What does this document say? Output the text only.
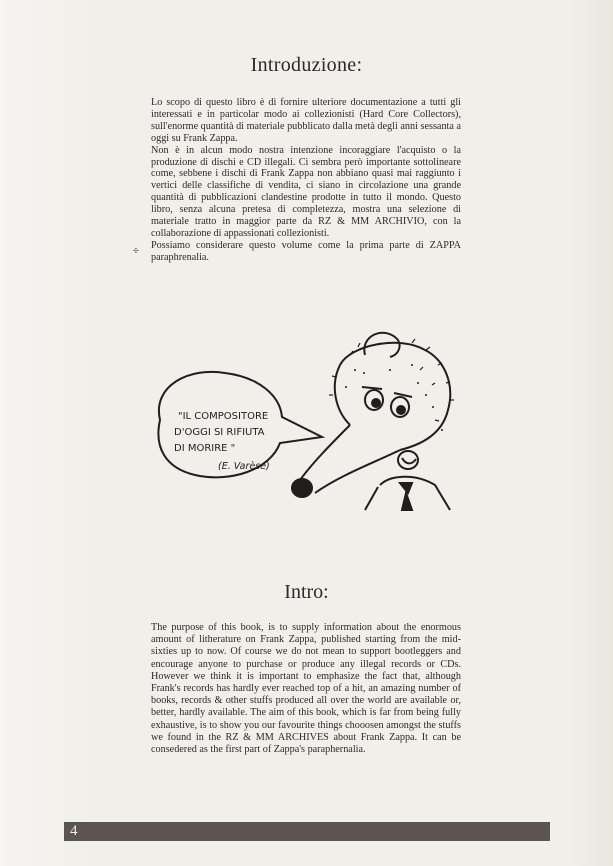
Introduzione:

Lo scopo di questo libro è di fornire ulteriore documentazione a tutti gli interessati e in particolar modo ai collezionisti (Hard Core Collectors), sull'enorme quantità di materiale pubblicato dalla metà degli anni sessanta a oggi su Frank Zappa.

Non è in alcun modo nostra intenzione incoraggiare l'acquisto o la produzione di dischi e CD illegali. Ci sembra però importante sottolineare come, sebbene i dischi di Frank Zappa non abbiano quasi mai raggiunto i vertici delle classifiche di vendita, ci siano in circolazione una grande quantità di pubblicazioni clandestine prodotte in tutto il mondo. Questo libro, senza alcuna pretesa di completezza, mostra una selezione di materiale tratto in maggior parte da RZ & MM ARCHIVIO, con la collaborazione di appassionati collezionisti.

Possiamo considerare questo volume come la prima parte di ZAPPA paraphrenalia.

✣
"IL COMPOSITORE
D'OGGI SI RIFIUTA
DI MORIRE "
(E. Varèse)
Intro:

The purpose of this book, is to supply information about the enormous amount of litherature on Frank Zappa, published starting from the mid-sixties up to now. Of course we do not mean to support bootleggers and encourage anyone to purchase or produce any illegal records or CDs. However we think it is important to emphasize the fact that, although Frank's records has hardly ever reached top of a hit, an amazing number of books, records & other stuffs produced all over the world are available or, better, hardly available. The aim of this book, which is far from being fully exhaustive, is to show you our favourite things chooosen amongst the stuffs we found in the RZ & MM ARCHIVES about Frank Zappa. It can be consedered as the first part of Zappa's paraphernalia.

4
